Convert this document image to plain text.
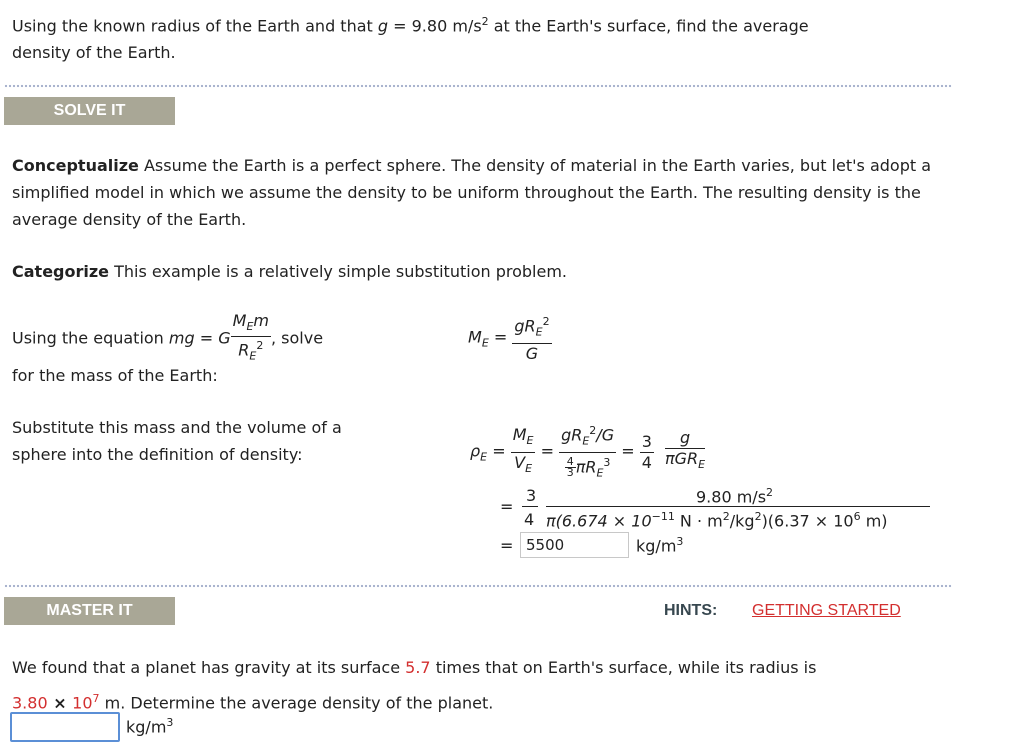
Using the known radius of the Earth and that g = 9.80 $m/s^2$ at the Earth's surface, find the average
density of the Earth.
SOLVE IT
Conceptualize Assume the Earth is a perfect sphere. The density of material in the Earth varies, but let's adopt a simplified model in which we assume the density to be uniform throughout the Earth. The resulting density is the average density of the Earth.
Categorize This example is a relatively simple substitution problem.
Using the equation mg = G $\frac{M_Em}{R_E^2}$ , solve
for the mass of the Earth:
$M_E = \frac{gR_E^2}{G}$
Substitute this mass and the volume of a
sphere into the definition of density:	$\rho_E = \frac{M_E}{V_E} = \frac{gR_E^2/G}{\frac{4}{3} \pi R_E^3} = \frac{3}{4}$
$\frac{g}{\pi GR_E}$
=
3	9.80 $m/s^2$
4 $\pi(6.674 \times 10^{-11}$ $N \cdot m^2/kg^2)(6.37 \times 10^6$ m)
= 5500	$kg/m^3$
MASTER IT	HINTS: GETTING STARTED
We found that a planet has gravity at its surface 5.7 times that on Earth's surface, while its radius is
$3.80 \times 10^7$ m. Determine the average density of the planet.
$kg/m^3$
